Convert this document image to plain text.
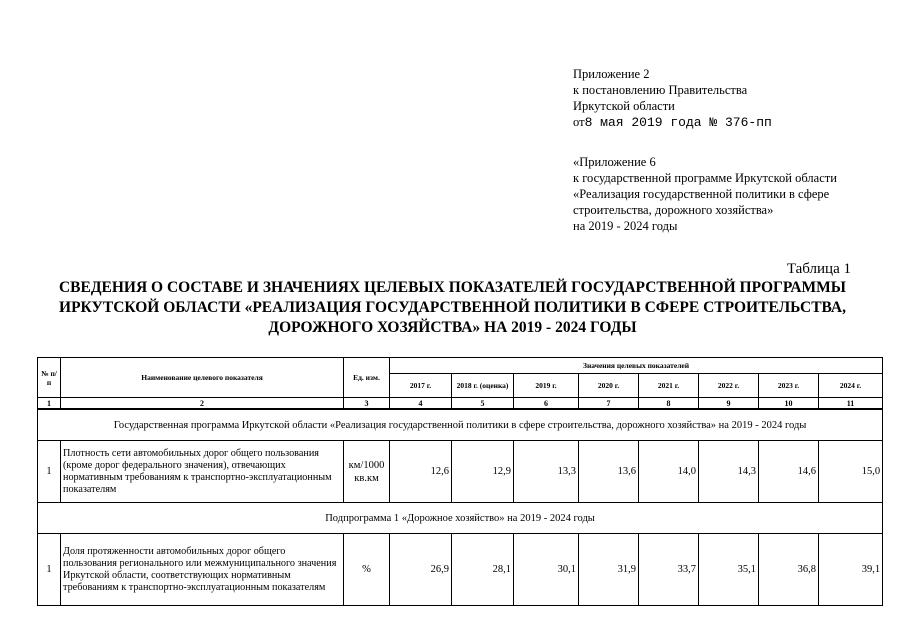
Приложение 2
к постановлению Правительства
Иркутской области
от8 мая 2019 года № 376-пп
«Приложение 6
к государственной программе Иркутской области
«Реализация государственной политики в сфере
строительства, дорожного хозяйства»
на 2019 - 2024 годы
Таблица 1
СВЕДЕНИЯ О СОСТАВЕ И ЗНАЧЕНИЯХ ЦЕЛЕВЫХ ПОКАЗАТЕЛЕЙ ГОСУДАРСТВЕННОЙ ПРОГРАММЫ
ИРКУТСКОЙ ОБЛАСТИ «РЕАЛИЗАЦИЯ ГОСУДАРСТВЕННОЙ ПОЛИТИКИ В СФЕРЕ СТРОИТЕЛЬСТВА,
ДОРОЖНОГО ХОЗЯЙСТВА» НА 2019 - 2024 ГОДЫ
№ п/п	Наименование целевого показателя	Ед. изм.	Значения целевых показателей							
			2017 г.	2018 г. (оценка)	2019 г.	2020 г.	2021 г.	2022 г.	2023 г.	2024 г.
1	2	3	4	5	6	7	8	9	10	11
Государственная программа Иркутской области «Реализация государственной политики в сфере строительства, дорожного хозяйства» на 2019 - 2024 годы										
1	Плотность сети автомобильных дорог общего пользования (кроме дорог федерального значения), отвечающих нормативным требованиям к транспортно-эксплуатационным показателям	км/1000 кв.км	12,6	12,9	13,3	13,6	14,0	14,3	14,6	15,0
Подпрограмма 1 «Дорожное хозяйство» на 2019 - 2024 годы										
1	Доля протяженности автомобильных дорог общего пользования регионального или межмуниципального значения Иркутской области, соответствующих нормативным требованиям к транспортно-эксплуатационным показателям	%	26,9	28,1	30,1	31,9	33,7	35,1	36,8	39,1
